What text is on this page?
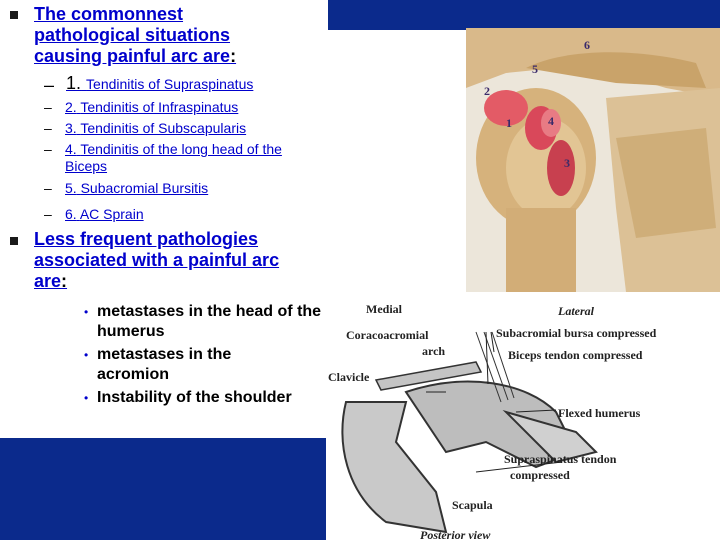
6
5
2
1	4
3
Medial	Lateral
Coracoacromial
arch
Subacromial bursa compressed
Biceps tendon compressed
Clavicle
Flexed humerus
Supraspinatus tendon
compressed
Scapula
Posterior view
The commonnest pathological situations causing painful arc are:
– 1. Tendinitis of Supraspinatus
– 2. Tendinitis of Infraspinatus
– 3. Tendinitis of Subscapularis
– 4. Tendinitis of the long head of the Biceps
– 5. Subacromial Bursitis
– 6. AC Sprain
Less frequent pathologies associated with a painful arc are:
• metastases in the head of the humerus
• metastases in the acromion
• Instability of the shoulder
